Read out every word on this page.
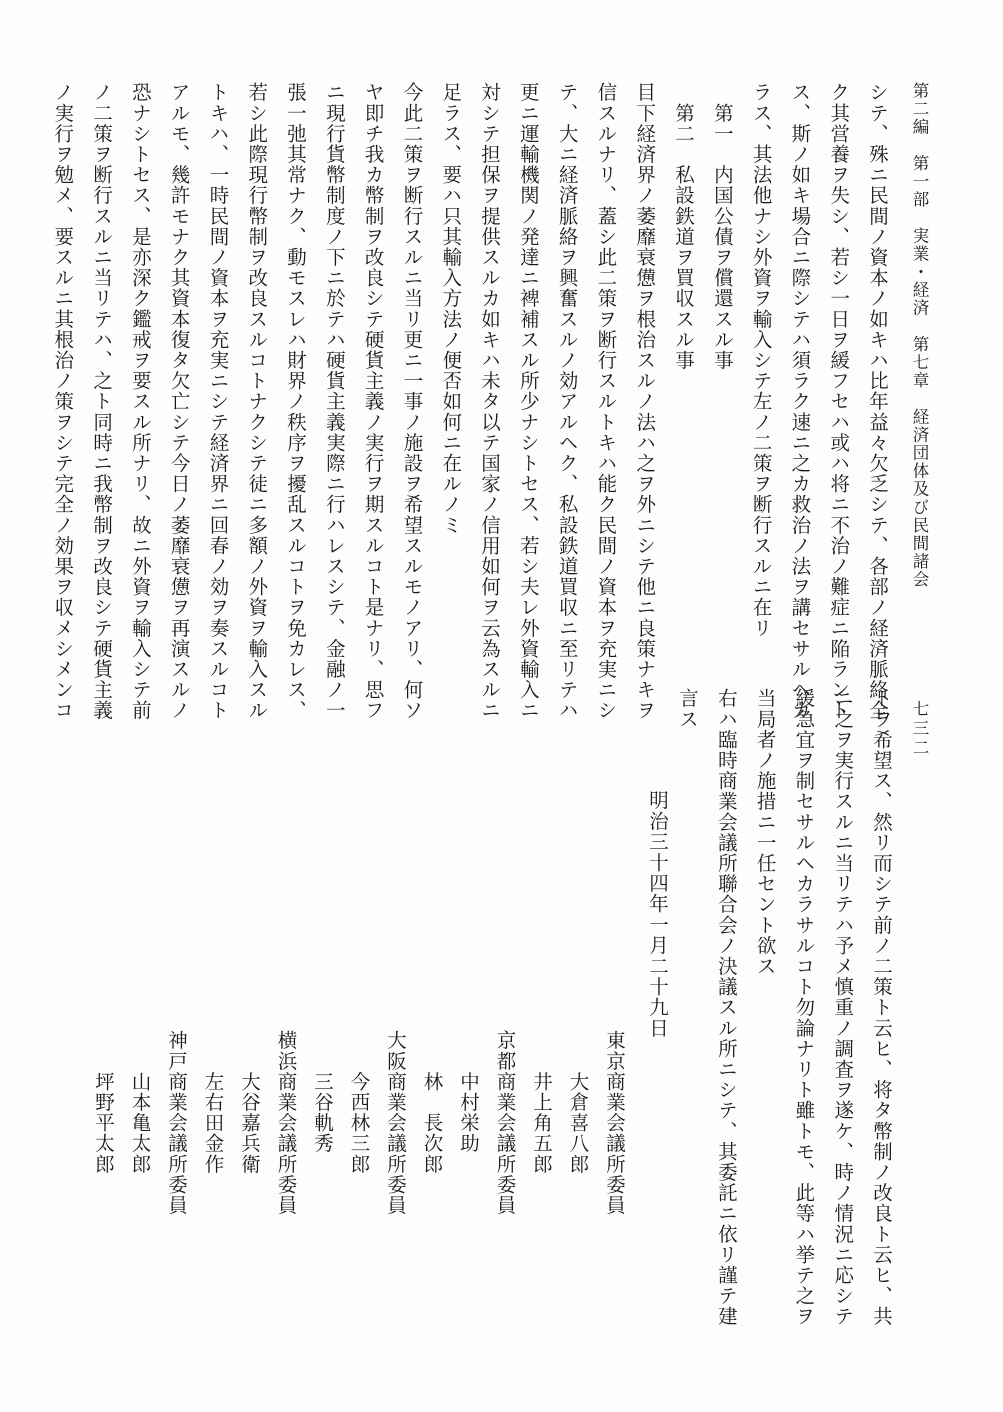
第二編　第一部　実業・経済　第七章　経済団体及び民間諸会
七三二
シテ、殊ニ民間ノ資本ノ如キハ比年益々欠乏シテ、各部ノ経済脈絡全
ク其営養ヲ失シ、若シ一日ヲ緩フセハ或ハ将ニ不治ノ難症ニ陥ラント
ス、斯ノ如キ場合ニ際シテハ須ラク速ニ之カ救治ノ法ヲ講セサルヘカ
ラス、其法他ナシ外資ヲ輸入シテ左ノ二策ヲ断行スルニ在リ
　第一　内国公債ヲ償還スル事
　第二　私設鉄道ヲ買収スル事
目下経済界ノ萎靡衰憊ヲ根治スルノ法ハ之ヲ外ニシテ他ニ良策ナキヲ
信スルナリ、蓋シ此二策ヲ断行スルトキハ能ク民間ノ資本ヲ充実ニシ
テ、大ニ経済脈絡ヲ興奮スルノ効アルヘク、私設鉄道買収ニ至リテハ
更ニ運輸機関ノ発達ニ裨補スル所少ナシトセス、若シ夫レ外資輸入ニ
対シテ担保ヲ提供スルカ如キハ未タ以テ国家ノ信用如何ヲ云為スルニ
足ラス、要ハ只其輸入方法ノ便否如何ニ在ルノミ
今此二策ヲ断行スルニ当リ更ニ一事ノ施設ヲ希望スルモノアリ、何ソ
ヤ即チ我カ幣制ヲ改良シテ硬貨主義ノ実行ヲ期スルコト是ナリ、思フ
ニ現行貨幣制度ノ下ニ於テハ硬貨主義実際ニ行ハレスシテ、金融ノ一
張一弛其常ナク、動モスレハ財界ノ秩序ヲ擾乱スルコトヲ免カレス、
若シ此際現行幣制ヲ改良スルコトナクシテ徒ニ多額ノ外資ヲ輸入スル
トキハ、一時民間ノ資本ヲ充実ニシテ経済界ニ回春ノ効ヲ奏スルコト
アルモ、幾許モナク其資本復タ欠亡シテ今日ノ萎靡衰憊ヲ再演スルノ
恐ナシトセス、是亦深ク鑑戒ヲ要スル所ナリ、故ニ外資ヲ輸入シテ前
ノ二策ヲ断行スルニ当リテハ、之ト同時ニ我幣制ヲ改良シテ硬貨主義
ノ実行ヲ勉メ、要スルニ其根治ノ策ヲシテ完全ノ効果ヲ収メシメンコ
トヲ希望ス、然リ而シテ前ノ二策ト云ヒ、将タ幣制ノ改良ト云ヒ、共
ニ之ヲ実行スルニ当リテハ予メ慎重ノ調査ヲ遂ケ、時ノ情況ニ応シテ
緩急宜ヲ制セサルヘカラサルコト勿論ナリト雖トモ、此等ハ挙テ之ヲ
当局者ノ施措ニ一任セント欲ス
右ハ臨時商業会議所聯合会ノ決議スル所ニシテ、其委託ニ依リ謹テ建
言ス
明治三十四年一月二十九日
東京商業会議所委員
　　大倉喜八郎
　　井上角五郎
京都商業会議所委員
　　中村栄助
　　林　長次郎
大阪商業会議所委員
　　今西林三郎
　　三谷軌秀
横浜商業会議所委員
　　大谷嘉兵衛
　　左右田金作
神戸商業会議所委員
　　山本亀太郎
　　坪野平太郎
